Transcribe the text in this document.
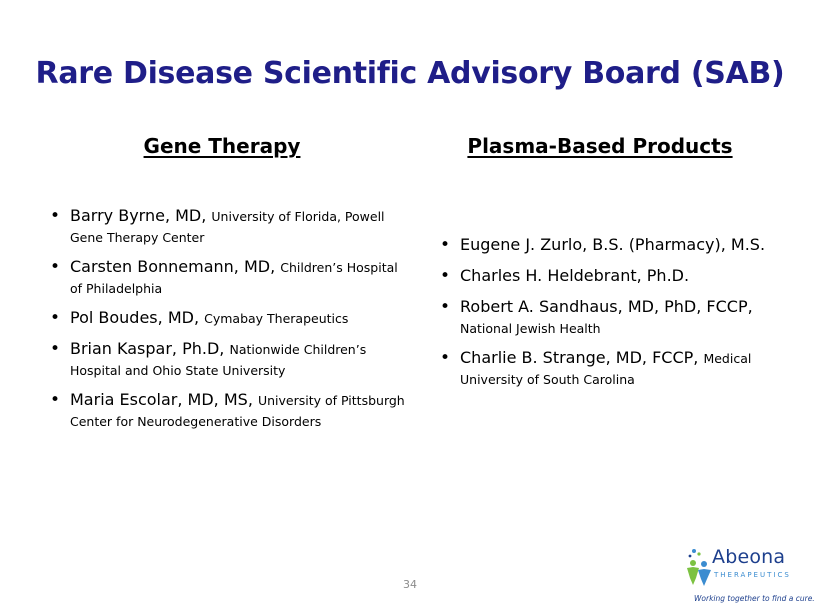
Rare Disease Scientific Advisory Board (SAB)
Gene Therapy	Plasma-Based Products
• Barry Byrne, MD, University of Florida, Powell Gene Therapy Center
• Carsten Bonnemann, MD, Children’s Hospital of Philadelphia
• Pol Boudes, MD, Cymabay Therapeutics
• Brian Kaspar, Ph.D, Nationwide Children’s Hospital and Ohio State University
• Maria Escolar, MD, MS, University of Pittsburgh Center for Neurodegenerative Disorders
• Eugene J. Zurlo, B.S. (Pharmacy), M.S.
• Charles H. Heldebrant, Ph.D.
• Robert A. Sandhaus, MD, PhD, FCCP, National Jewish Health
• Charlie B. Strange, MD, FCCP, Medical University of South Carolina
34
Abeona
THERAPEUTICS
Working together to find a cure.
